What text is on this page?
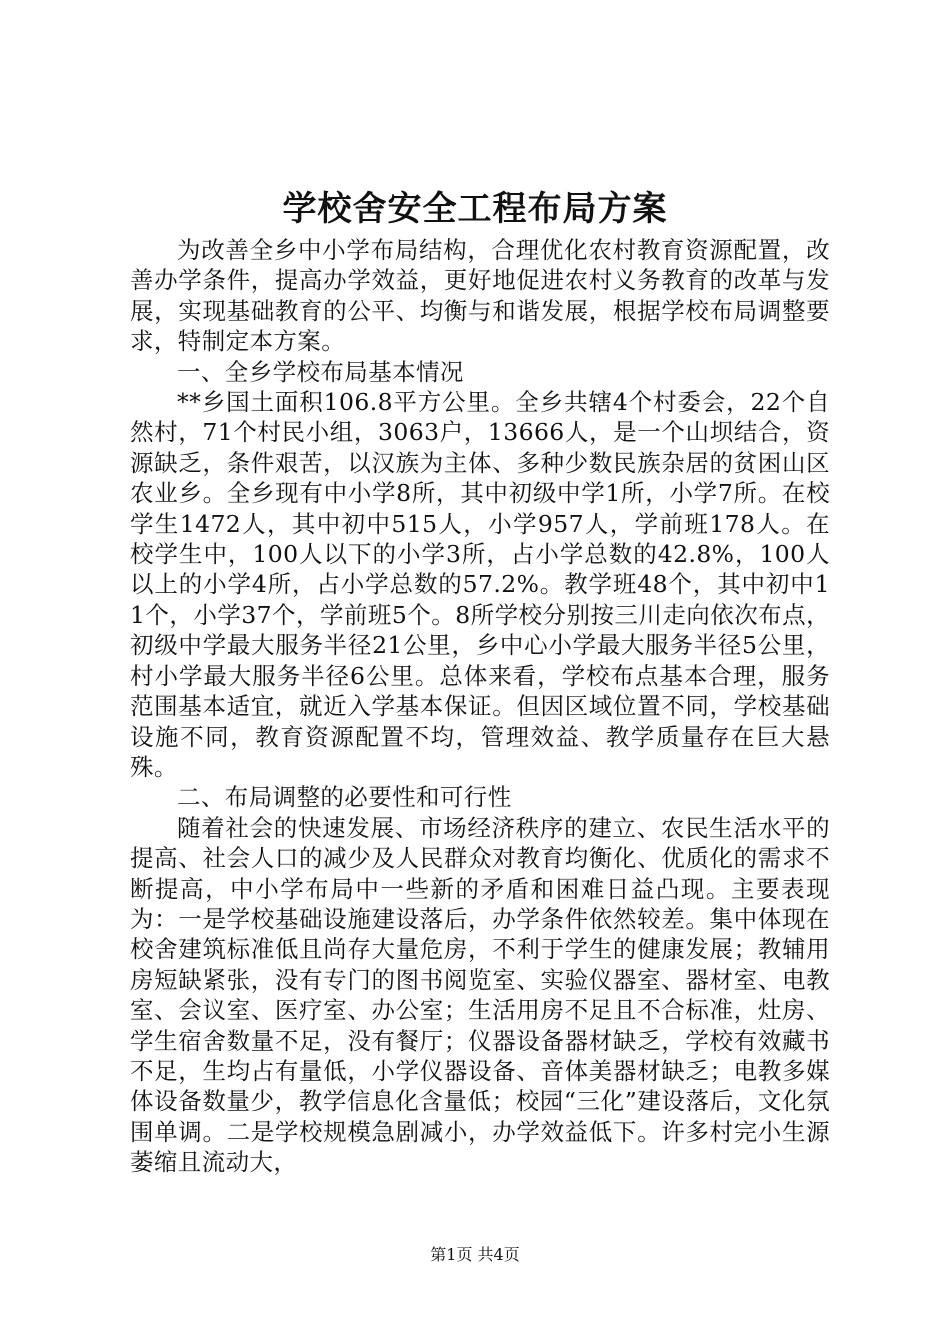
学校舍安全工程布局方案

为改善全乡中小学布局结构，合理优化农村教育资源配置，改善办学条件，提高办学效益，更好地促进农村义务教育的改革与发展，实现基础教育的公平、均衡与和谐发展，根据学校布局调整要求，特制定本方案。

一、全乡学校布局基本情况

**乡国土面积106.8平方公里。全乡共辖4个村委会，22个自然村，71个村民小组，3063户，13666人，是一个山坝结合，资源缺乏，条件艰苦，以汉族为主体、多种少数民族杂居的贫困山区农业乡。全乡现有中小学8所，其中初级中学1所，小学7所。在校学生1472人，其中初中515人，小学957人，学前班178人。在校学生中，100人以下的小学3所，占小学总数的42.8%，100人以上的小学4所，占小学总数的57.2%。教学班48个，其中初中11个，小学37个，学前班5个。8所学校分别按三川走向依次布点，初级中学最大服务半径21公里，乡中心小学最大服务半径5公里，村小学最大服务半径6公里。总体来看，学校布点基本合理，服务范围基本适宜，就近入学基本保证。但因区域位置不同，学校基础设施不同，教育资源配置不均，管理效益、教学质量存在巨大悬殊。

二、布局调整的必要性和可行性

随着社会的快速发展、市场经济秩序的建立、农民生活水平的提高、社会人口的减少及人民群众对教育均衡化、优质化的需求不断提高，中小学布局中一些新的矛盾和困难日益凸现。主要表现为：一是学校基础设施建设落后，办学条件依然较差。集中体现在校舍建筑标准低且尚存大量危房，不利于学生的健康发展；教辅用房短缺紧张，没有专门的图书阅览室、实验仪器室、器材室、电教室、会议室、医疗室、办公室；生活用房不足且不合标准，灶房、学生宿舍数量不足，没有餐厅；仪器设备器材缺乏，学校有效藏书不足，生均占有量低，小学仪器设备、音体美器材缺乏；电教多媒体设备数量少，教学信息化含量低；校园“三化”建设落后，文化氛围单调。二是学校规模急剧减小，办学效益低下。许多村完小生源萎缩且流动大，

第1页 共4页
